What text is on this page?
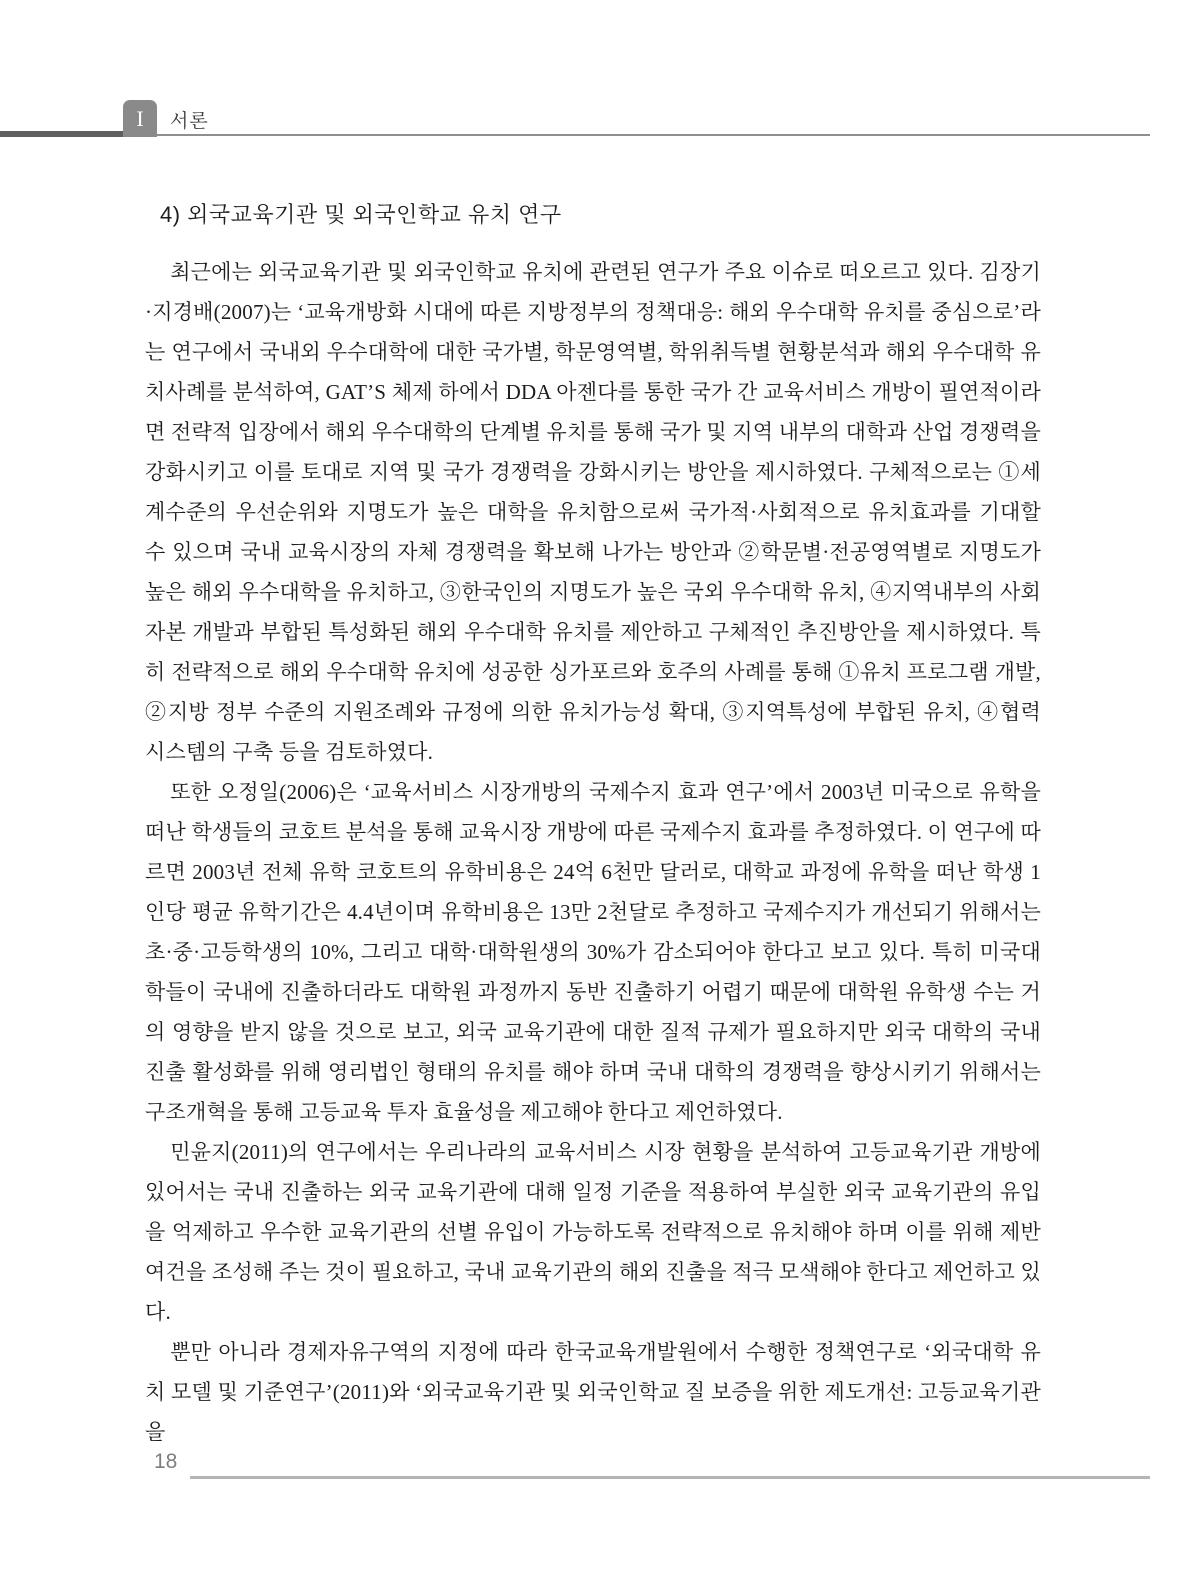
I	서론
4) 외국교육기관 및 외국인학교 유치 연구

최근에는 외국교육기관 및 외국인학교 유치에 관련된 연구가 주요 이슈로 떠오르고 있다. 김장기·지경배(2007)는 ‘교육개방화 시대에 따른 지방정부의 정책대응: 해외 우수대학 유치를 중심으로’라는 연구에서 국내외 우수대학에 대한 국가별, 학문영역별, 학위취득별 현황분석과 해외 우수대학 유치사례를 분석하여, GAT’S 체제 하에서 DDA 아젠다를 통한 국가 간 교육서비스 개방이 필연적이라면 전략적 입장에서 해외 우수대학의 단계별 유치를 통해 국가 및 지역 내부의 대학과 산업 경쟁력을 강화시키고 이를 토대로 지역 및 국가 경쟁력을 강화시키는 방안을 제시하였다. 구체적으로는 ①세계수준의 우선순위와 지명도가 높은 대학을 유치함으로써 국가적·사회적으로 유치효과를 기대할 수 있으며 국내 교육시장의 자체 경쟁력을 확보해 나가는 방안과 ②학문별·전공영역별로 지명도가 높은 해외 우수대학을 유치하고, ③한국인의 지명도가 높은 국외 우수대학 유치, ④지역내부의 사회자본 개발과 부합된 특성화된 해외 우수대학 유치를 제안하고 구체적인 추진방안을 제시하였다. 특히 전략적으로 해외 우수대학 유치에 성공한 싱가포르와 호주의 사례를 통해 ①유치 프로그램 개발, ②지방 정부 수준의 지원조례와 규정에 의한 유치가능성 확대, ③지역특성에 부합된 유치, ④협력 시스템의 구축 등을 검토하였다.

또한 오정일(2006)은 ‘교육서비스 시장개방의 국제수지 효과 연구’에서 2003년 미국으로 유학을 떠난 학생들의 코호트 분석을 통해 교육시장 개방에 따른 국제수지 효과를 추정하였다. 이 연구에 따르면 2003년 전체 유학 코호트의 유학비용은 24억 6천만 달러로, 대학교 과정에 유학을 떠난 학생 1인당 평균 유학기간은 4.4년이며 유학비용은 13만 2천달로 추정하고 국제수지가 개선되기 위해서는 초·중·고등학생의 10%, 그리고 대학·대학원생의 30%가 감소되어야 한다고 보고 있다. 특히 미국대학들이 국내에 진출하더라도 대학원 과정까지 동반 진출하기 어렵기 때문에 대학원 유학생 수는 거의 영향을 받지 않을 것으로 보고, 외국 교육기관에 대한 질적 규제가 필요하지만 외국 대학의 국내 진출 활성화를 위해 영리법인 형태의 유치를 해야 하며 국내 대학의 경쟁력을 향상시키기 위해서는 구조개혁을 통해 고등교육 투자 효율성을 제고해야 한다고 제언하였다.

민윤지(2011)의 연구에서는 우리나라의 교육서비스 시장 현황을 분석하여 고등교육기관 개방에 있어서는 국내 진출하는 외국 교육기관에 대해 일정 기준을 적용하여 부실한 외국 교육기관의 유입을 억제하고 우수한 교육기관의 선별 유입이 가능하도록 전략적으로 유치해야 하며 이를 위해 제반 여건을 조성해 주는 것이 필요하고, 국내 교육기관의 해외 진출을 적극 모색해야 한다고 제언하고 있다.

뿐만 아니라 경제자유구역의 지정에 따라 한국교육개발원에서 수행한 정책연구로 ‘외국대학 유치 모델 및 기준연구’(2011)와 ‘외국교육기관 및 외국인학교 질 보증을 위한 제도개선: 고등교육기관을

18
